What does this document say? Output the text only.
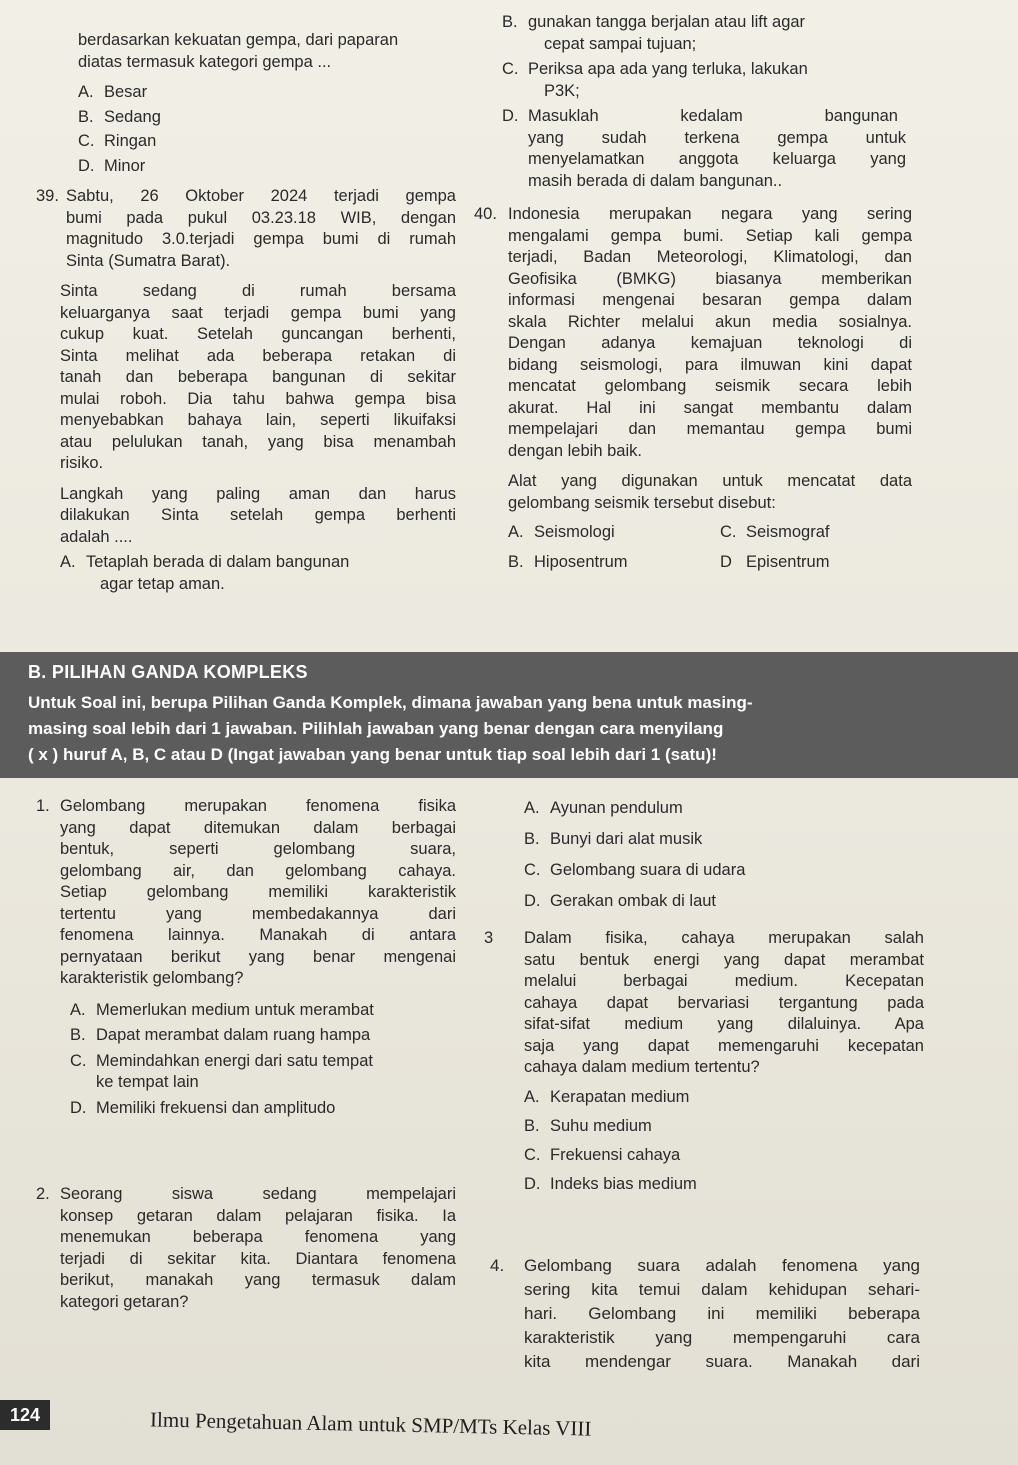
berdasarkan kekuatan gempa, dari paparan
diatas termasuk kategori gempa ...
A. Besar
B. Sedang
C. Ringan
D. Minor
39. Sabtu, 26 Oktober 2024 terjadi gempa
bumi pada pukul 03.23.18 WIB, dengan
magnitudo 3.0.terjadi gempa bumi di rumah
Sinta (Sumatra Barat).
Sinta sedang di rumah bersama
keluarganya saat terjadi gempa bumi yang
cukup kuat. Setelah guncangan berhenti,
Sinta melihat ada beberapa retakan di
tanah dan beberapa bangunan di sekitar
mulai roboh. Dia tahu bahwa gempa bisa
menyebabkan bahaya lain, seperti likuifaksi
atau pelulukan tanah, yang bisa menambah
risiko.
Langkah yang paling aman dan harus
dilakukan Sinta setelah gempa berhenti
adalah ....
A. Tetaplah berada di dalam bangunan
agar tetap aman.
B. gunakan tangga berjalan atau lift agar
cepat sampai tujuan;
C. Periksa apa ada yang terluka, lakukan
P3K;
D. Masuklah kedalam bangunan
yang sudah terkena gempa untuk
menyelamatkan anggota keluarga yang
masih berada di dalam bangunan..
40. Indonesia merupakan negara yang sering
mengalami gempa bumi. Setiap kali gempa
terjadi, Badan Meteorologi, Klimatologi, dan
Geofisika (BMKG) biasanya memberikan
informasi mengenai besaran gempa dalam
skala Richter melalui akun media sosialnya.
Dengan adanya kemajuan teknologi di
bidang seismologi, para ilmuwan kini dapat
mencatat gelombang seismik secara lebih
akurat. Hal ini sangat membantu dalam
mempelajari dan memantau gempa bumi
dengan lebih baik.
Alat yang digunakan untuk mencatat data
gelombang seismik tersebut disebut:
A. Seismologi	C. Seismograf
B. Hiposentrum	D Episentrum
B. PILIHAN GANDA KOMPLEKS
Untuk Soal ini, berupa Pilihan Ganda Komplek, dimana jawaban yang bena untuk masing-
masing soal lebih dari 1 jawaban. Pilihlah jawaban yang benar dengan cara menyilang
( x ) huruf A, B, C atau D (Ingat jawaban yang benar untuk tiap soal lebih dari 1 (satu)!
1. Gelombang merupakan fenomena fisika
yang dapat ditemukan dalam berbagai
bentuk, seperti gelombang suara,
gelombang air, dan gelombang cahaya.
Setiap gelombang memiliki karakteristik
tertentu yang membedakannya dari
fenomena lainnya. Manakah di antara
pernyataan berikut yang benar mengenai
karakteristik gelombang?
A. Memerlukan medium untuk merambat
B. Dapat merambat dalam ruang hampa
C. Memindahkan energi dari satu tempat
ke tempat lain
D. Memiliki frekuensi dan amplitudo
2. Seorang siswa sedang mempelajari
konsep getaran dalam pelajaran fisika. Ia
menemukan beberapa fenomena yang
terjadi di sekitar kita. Diantara fenomena
berikut, manakah yang termasuk dalam
kategori getaran?
A. Ayunan pendulum
B. Bunyi dari alat musik
C. Gelombang suara di udara
D. Gerakan ombak di laut
3	Dalam fisika, cahaya merupakan salah
satu bentuk energi yang dapat merambat
melalui berbagai medium. Kecepatan
cahaya dapat bervariasi tergantung pada
sifat-sifat medium yang dilaluinya. Apa
saja yang dapat memengaruhi kecepatan
cahaya dalam medium tertentu?
A. Kerapatan medium
B. Suhu medium
C. Frekuensi cahaya
D. Indeks bias medium
4.	Gelombang suara adalah fenomena yang
sering kita temui dalam kehidupan sehari-
hari. Gelombang ini memiliki beberapa
karakteristik yang mempengaruhi cara
kita mendengar suara. Manakah dari
124	Ilmu Pengetahuan Alam untuk SMP/MTs Kelas VIII
